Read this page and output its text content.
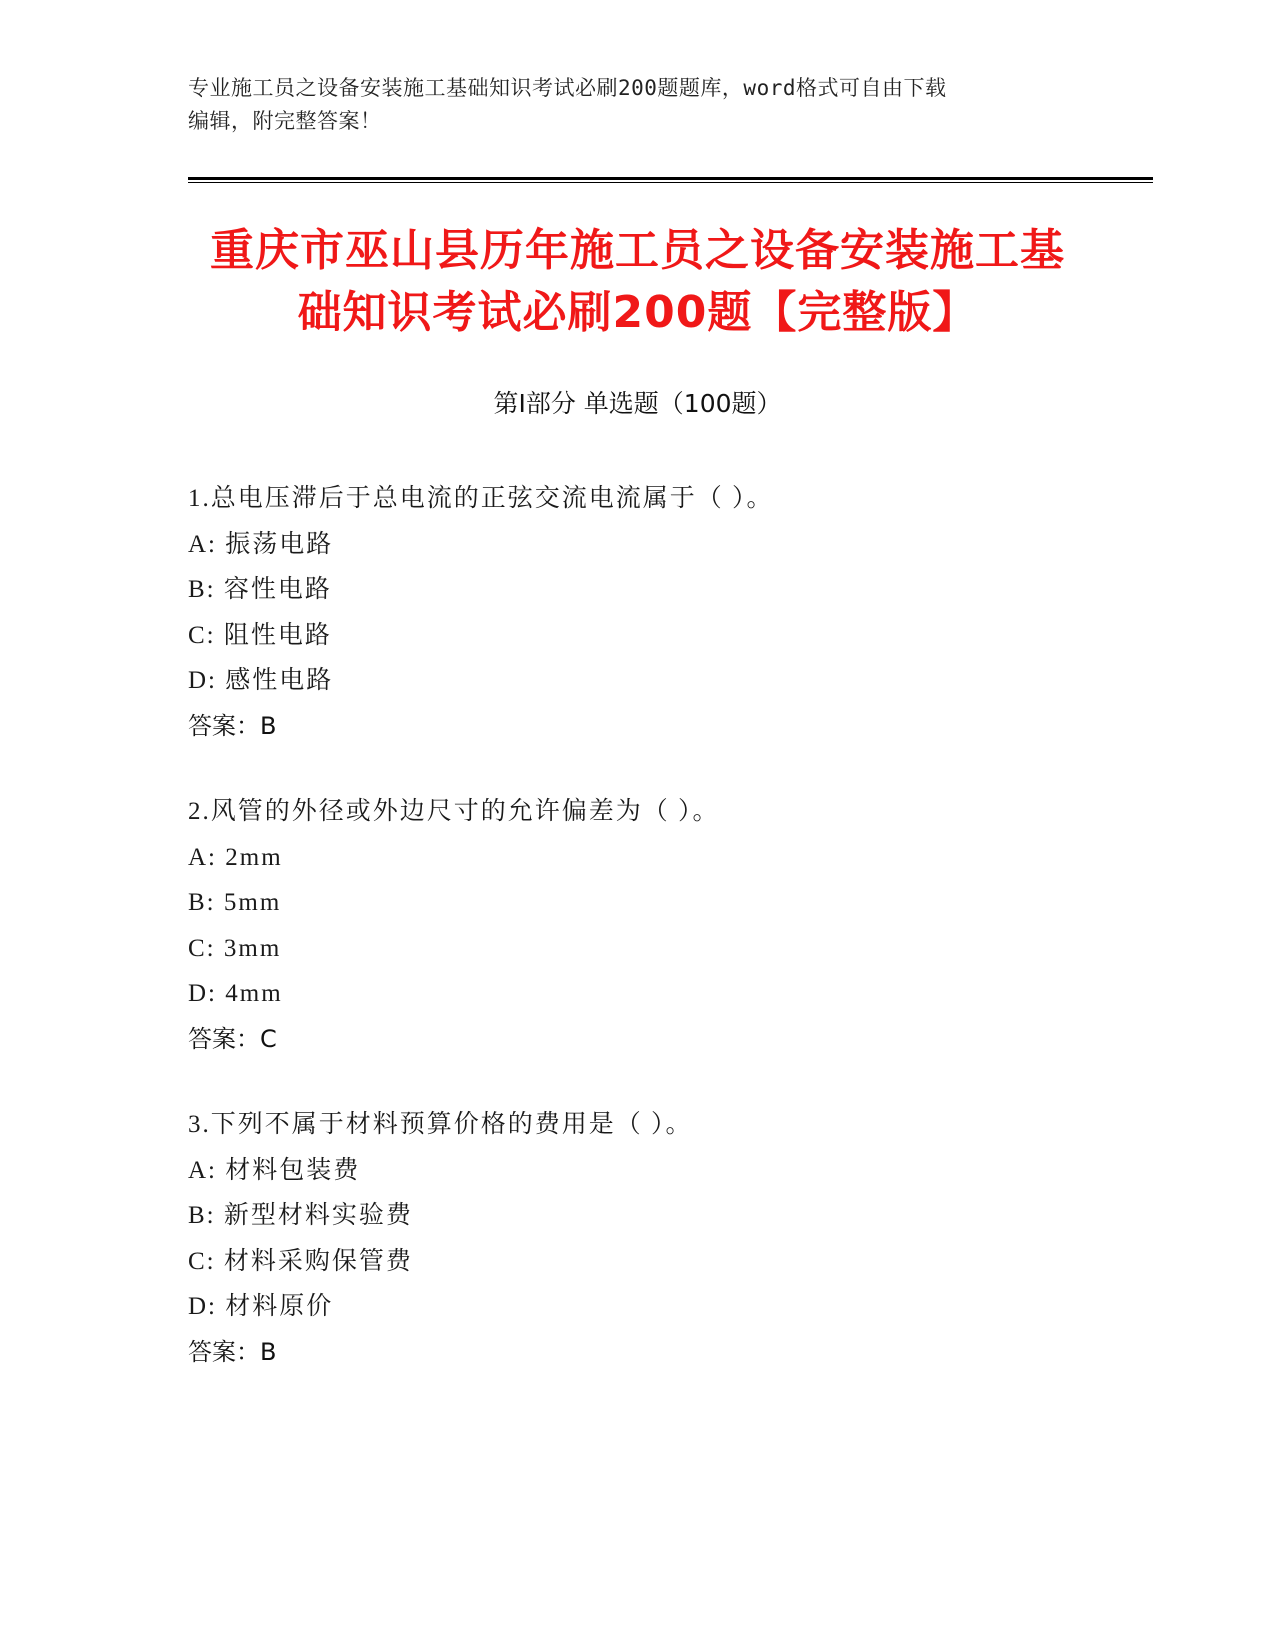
专业施工员之设备安装施工基础知识考试必刷200题题库，word格式可自由下载
编辑，附完整答案！
重庆市巫山县历年施工员之设备安装施工基
础知识考试必刷200题【完整版】
第I部分 单选题（100题）
1.总电压滞后于总电流的正弦交流电流属于（ ）。
A: 振荡电路
B: 容性电路
C: 阻性电路
D: 感性电路
答案：B
2.风管的外径或外边尺寸的允许偏差为（ ）。
A: 2mm
B: 5mm
C: 3mm
D: 4mm
答案：C
3.下列不属于材料预算价格的费用是（ ）。
A: 材料包装费
B: 新型材料实验费
C: 材料采购保管费
D: 材料原价
答案：B
